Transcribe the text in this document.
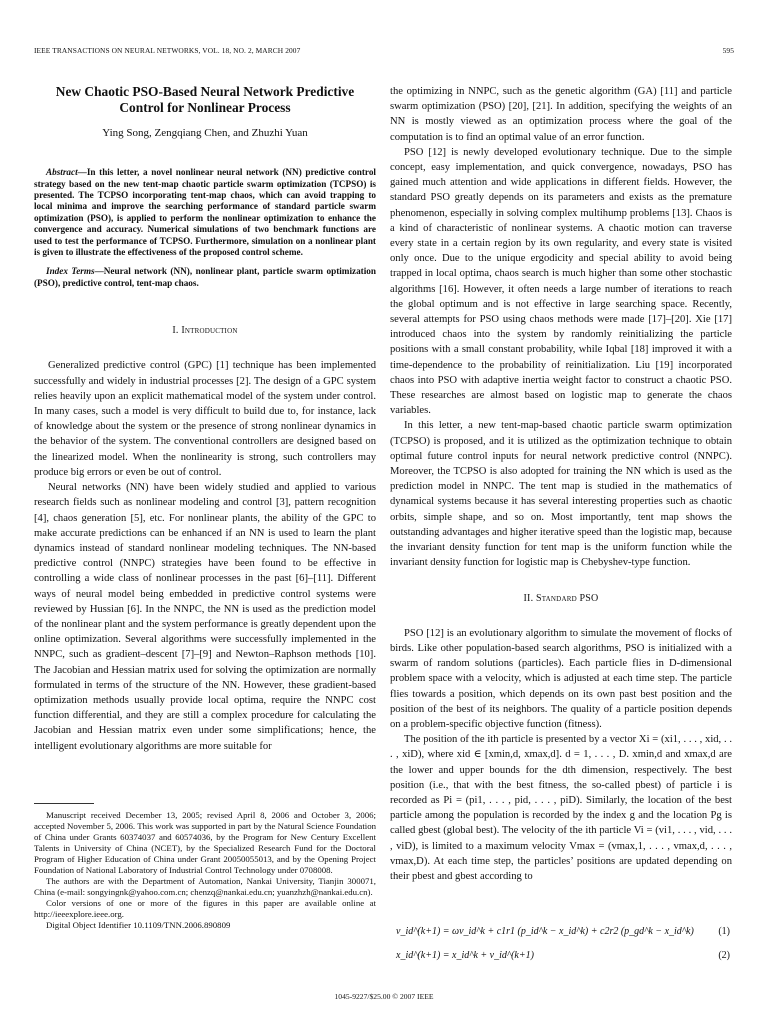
IEEE TRANSACTIONS ON NEURAL NETWORKS, VOL. 18, NO. 2, MARCH 2007	595
New Chaotic PSO-Based Neural Network Predictive Control for Nonlinear Process
Ying Song, Zengqiang Chen, and Zhuzhi Yuan
Abstract—In this letter, a novel nonlinear neural network (NN) predictive control strategy based on the new tent-map chaotic particle swarm optimization (TCPSO) is presented. The TCPSO incorporating tent-map chaos, which can avoid trapping to local minima and improve the searching performance of standard particle swarm optimization (PSO), is applied to perform the nonlinear optimization to enhance the convergence and accuracy. Numerical simulations of two benchmark functions are used to test the performance of TCPSO. Furthermore, simulation on a nonlinear plant is given to illustrate the effectiveness of the proposed control scheme.
Index Terms—Neural network (NN), nonlinear plant, particle swarm optimization (PSO), predictive control, tent-map chaos.
I. Introduction

Generalized predictive control (GPC) [1] technique has been implemented successfully and widely in industrial processes [2]. The design of a GPC system relies heavily upon an explicit mathematical model of the system under control. In many cases, such a model is very difficult to build due to, for instance, lack of knowledge about the system or the presence of strong nonlinear dynamics in the behavior of the system. The conventional controllers are designed based on the linearized model. When the nonlinearity is strong, such controllers may produce big errors or even be out of control.

Neural networks (NN) have been widely studied and applied to various research fields such as nonlinear modeling and control [3], pattern recognition [4], chaos generation [5], etc. For nonlinear plants, the ability of the GPC to make accurate predictions can be enhanced if an NN is used to learn the plant dynamics instead of standard nonlinear modeling techniques. The NN-based predictive control (NNPC) strategies have been found to be effective in controlling a wide class of nonlinear processes in the past [6]–[11]. Different ways of neural model being embedded in predictive control systems were reviewed by Hussian [6]. In the NNPC, the NN is used as the prediction model of the nonlinear plant and the system performance is greatly dependent upon the online optimization. Several algorithms were successfully implemented in the NNPC, such as gradient–descent [7]–[9] and Newton–Raphson methods [10]. The Jacobian and Hessian matrix used for solving the optimization are normally formulated in terms of the structure of the NN. However, these gradient-based optimization methods usually provide local optima, require the NNPC cost function differential, and they are still a complex procedure for calculating the Jacobian and Hessian matrix even under some simplifications; hence, the intelligent evolutionary algorithms are more suitable for

Manuscript received December 13, 2005; revised April 8, 2006 and October 3, 2006; accepted November 5, 2006. This work was supported in part by the Natural Science Foundation of China under Grants 60374037 and 60574036, by the Program for New Century Excellent Talents in University of China (NCET), by the Specialized Research Fund for the Doctoral Program of Higher Education of China under Grant 20050055013, and by the Opening Project Foundation of National Laboratory of Industrial Control Technology under 0708008.

The authors are with the Department of Automation, Nankai University, Tianjin 300071, China (e-mail: songyingnk@yahoo.com.cn; chenzq@nankai.edu.cn; yuanzhzh@nankai.edu.cn).

Color versions of one or more of the figures in this paper are available online at http://ieeexplore.ieee.org.

Digital Object Identifier 10.1109/TNN.2006.890809

the optimizing in NNPC, such as the genetic algorithm (GA) [11] and particle swarm optimization (PSO) [20], [21]. In addition, specifying the weights of an NN is mostly viewed as an optimization process where the goal of the computation is to find an optimal value of an error function.

PSO [12] is newly developed evolutionary technique. Due to the simple concept, easy implementation, and quick convergence, nowadays, PSO has gained much attention and wide applications in different fields. However, the standard PSO greatly depends on its parameters and exists as the premature phenomenon, especially in solving complex multihump problems [13]. Chaos is a kind of characteristic of nonlinear systems. A chaotic motion can traverse every state in a certain region by its own regularity, and every state is visited only once. Due to the unique ergodicity and special ability to avoid being trapped in local optima, chaos search is much higher than some other stochastic algorithms [16]. However, it often needs a large number of iterations to reach the global optimum and is not effective in large searching space. Recently, several attempts for PSO using chaos methods were made [17]–[20]. Xie [17] introduced chaos into the system by randomly reinitializing the particle positions with a small constant probability, while Iqbal [18] improved it with a time-dependence to the probability of reinitialization. Liu [19] incorporated chaos into PSO with adaptive inertia weight factor to construct a chaotic PSO. These researches are almost based on logistic map to generate the chaos variables.

In this letter, a new tent-map-based chaotic particle swarm optimization (TCPSO) is proposed, and it is utilized as the optimization technique to obtain optimal future control inputs for neural network predictive control (NNPC). Moreover, the TCPSO is also adopted for training the NN which is used as the prediction model in NNPC. The tent map is studied in the mathematics of dynamical systems because it has several interesting properties such as chaotic orbits, simple shape, and so on. Most importantly, tent map shows the outstanding advantages and higher iterative speed than the logistic map, because the invariant density function for tent map is the uniform function while the invariant density function for logistic map is Chebyshev-type function.

II. Standard PSO

PSO [12] is an evolutionary algorithm to simulate the movement of flocks of birds. Like other population-based search algorithms, PSO is initialized with a swarm of random solutions (particles). Each particle flies in D-dimensional problem space with a velocity, which is adjusted at each time step. The particle flies towards a position, which depends on its own past best position and the position of the best of its neighbors. The quality of a particle position depends on a problem-specific objective function (fitness).

The position of the ith particle is presented by a vector Xi = (xi1, . . . , xid, . . . , xiD), where xid ∈ [xmin,d, xmax,d]. d = 1, . . . , D. xmin,d and xmax,d are the lower and upper bounds for the dth dimension, respectively. The best position (i.e., that with the best fitness, the so-called pbest) of particle i is recorded as Pi = (pi1, . . . , pid, . . . , piD). Similarly, the location of the best particle among the population is recorded by the index g and the location Pg is called gbest (global best). The velocity of the ith particle Vi = (vi1, . . . , vid, . . . , viD), is limited to a maximum velocity Vmax = (vmax,1, . . . , vmax,d, . . . , vmax,D). At each time step, the particles’ positions are updated depending on their pbest and gbest according to

v_id^(k+1) = ωv_id^k + c1r1 (p_id^k − x_id^k) + c2r2 (p_gd^k − x_id^k) (1)
x_id^(k+1) = x_id^k + v_id^(k+1)	(2)
1045-9227/$25.00 © 2007 IEEE
